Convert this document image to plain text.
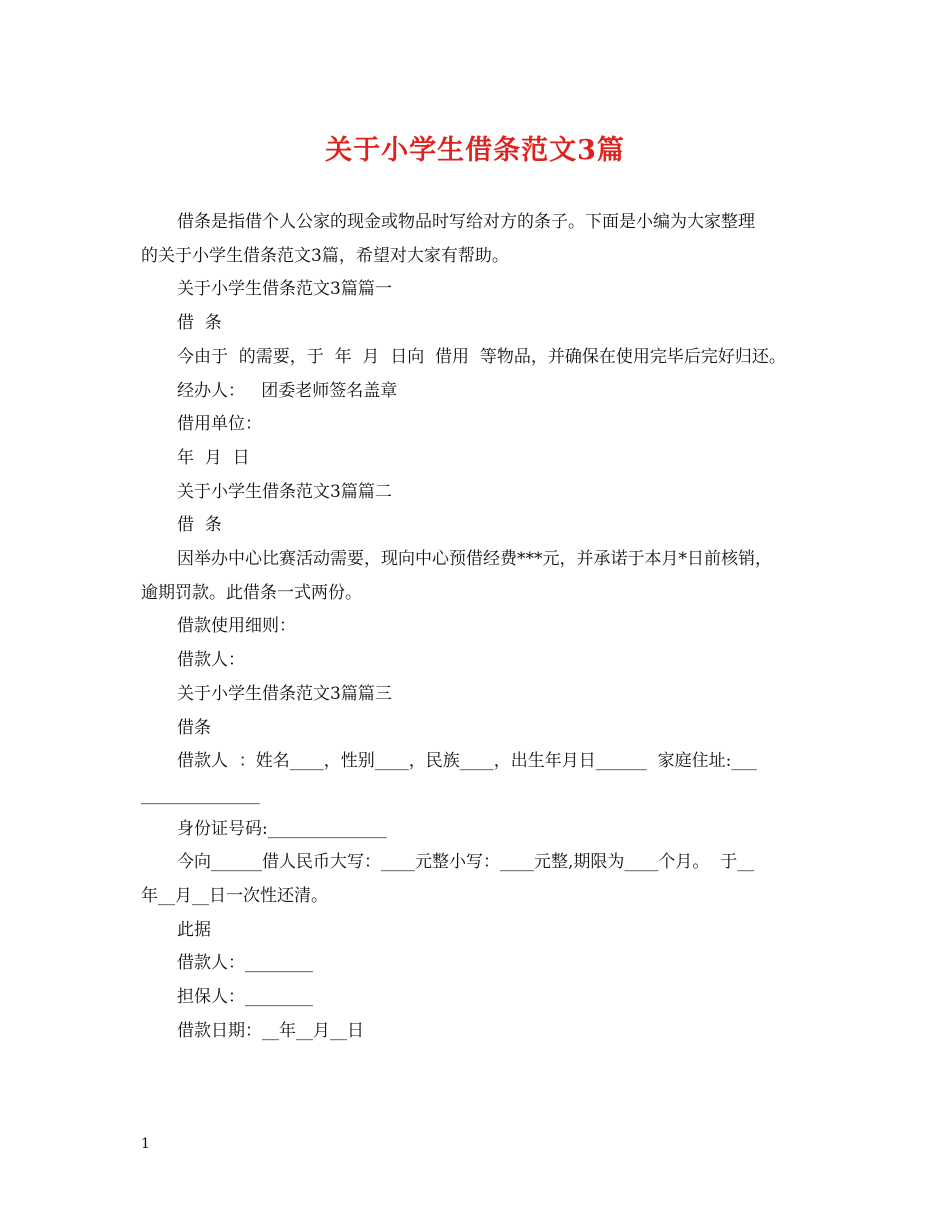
关于小学生借条范文3篇
借条是指借个人公家的现金或物品时写给对方的条子。下面是小编为大家整理
的关于小学生借条范文3篇，希望对大家有帮助。
关于小学生借条范文3篇篇一
借  条
今由于  的需要，于  年  月  日向  借用  等物品，并确保在使用完毕后完好归还。
经办人：   团委老师签名盖章
借用单位：
年  月  日
关于小学生借条范文3篇篇二
借  条
因举办中心比赛活动需要，现向中心预借经费***元，并承诺于本月*日前核销，
逾期罚款。此借条一式两份。
借款使用细则：
借款人：
关于小学生借条范文3篇篇三
借条
借款人  ：姓名____，性别____，民族____，出生年月日______  家庭住址:___
______________
身份证号码:______________
今向______借人民币大写：____元整小写：____元整,期限为____个月。  于__
年__月__日一次性还清。
此据
借款人：________
担保人：________
借款日期：__年__月__日
1
